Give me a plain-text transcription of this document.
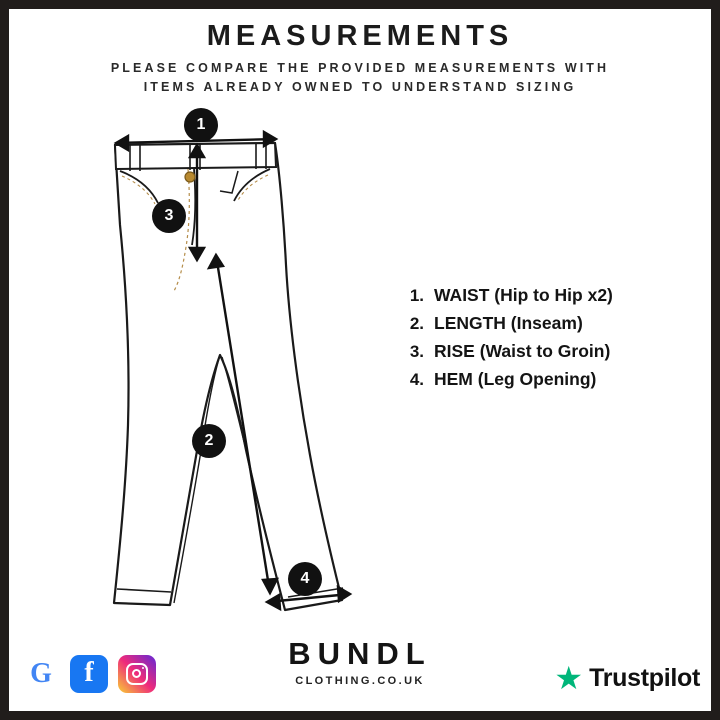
MEASUREMENTS

PLEASE COMPARE THE PROVIDED MEASUREMENTS WITH
ITEMS ALREADY OWNED TO UNDERSTAND SIZING

1
2
3
4
1. WAIST (Hip to Hip x2)
2. LENGTH (Inseam)
3. RISE (Waist to Groin)
4. HEM (Leg Opening)

BUNDL

CLOTHING.CO.UK

G	f	★ Trustpilot
